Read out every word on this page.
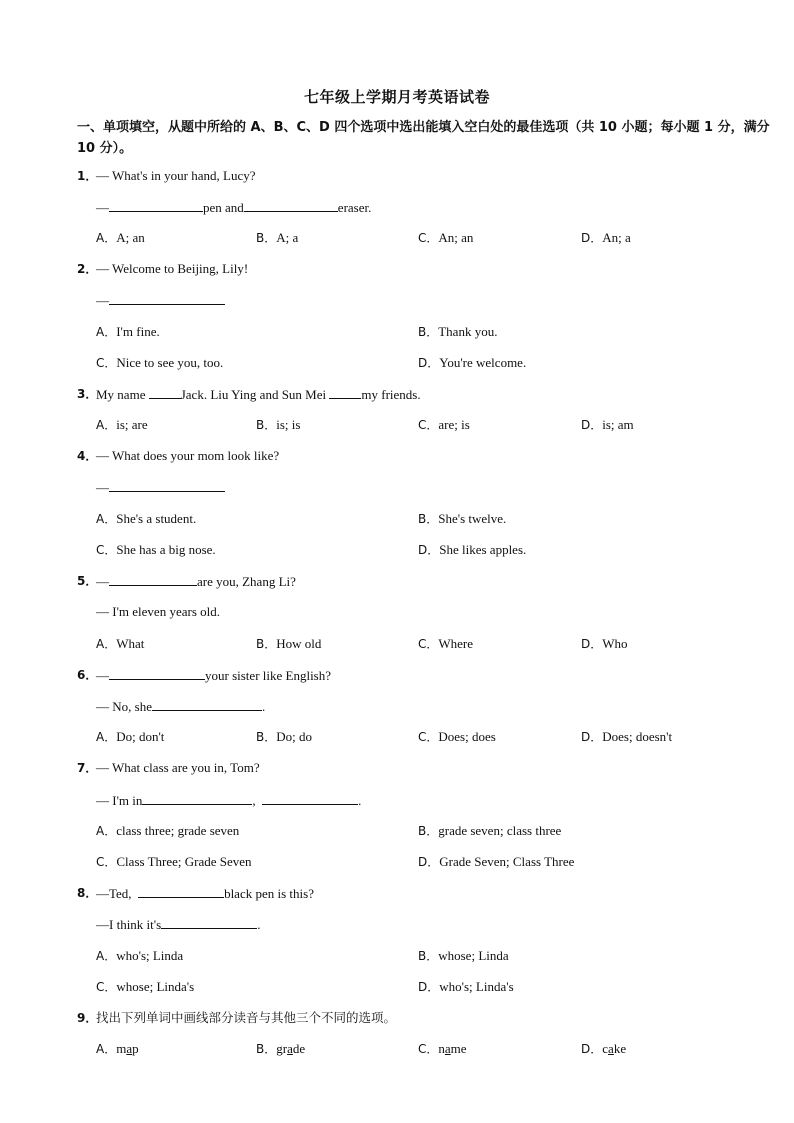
七年级上学期月考英语试卷
一、单项填空，从题中所给的 A、B、C、D 四个选项中选出能填入空白处的最佳选项（共 10 小题；每小题 1 分，满分 10 分）。
1．
— What's in your hand, Lucy?
—	pen and	eraser.
A．A; an	B．A; a	C．An; an	D．An; a
2．
— Welcome to Beijing, Lily!
—
A．I'm fine.	B．Thank you.
C．Nice to see you, too.	D．You're welcome.
3．
My name Jack. Liu Ying and Sun Mei my friends.
A．is; are	B．is; is	C．are; is	D．is; am
4．
— What does your mom look like?
—
A．She's a student.	B．She's twelve.
C．She has a big nose.	D．She likes apples.
5．
—	are you, Zhang Li?
— I'm eleven years old.
A．What	B．How old	C．Where	D．Who
6．
—	your sister like English?
— No, she	.
A．Do; don't	B．Do; do	C．Does; does	D．Does; doesn't
7．
— What class are you in, Tom?
— I'm in	,	.
A．class three; grade seven	B．grade seven; class three
C．Class Three; Grade Seven	D．Grade Seven; Class Three
8．
—Ted,	black pen is this?
—I think it's	.
A．who's; Linda	B．whose; Linda
C．whose; Linda's	D．who's; Linda's
9．
找出下列单词中画线部分读音与其他三个不同的选项。
A．map	B．grade	C．name	D．cake
